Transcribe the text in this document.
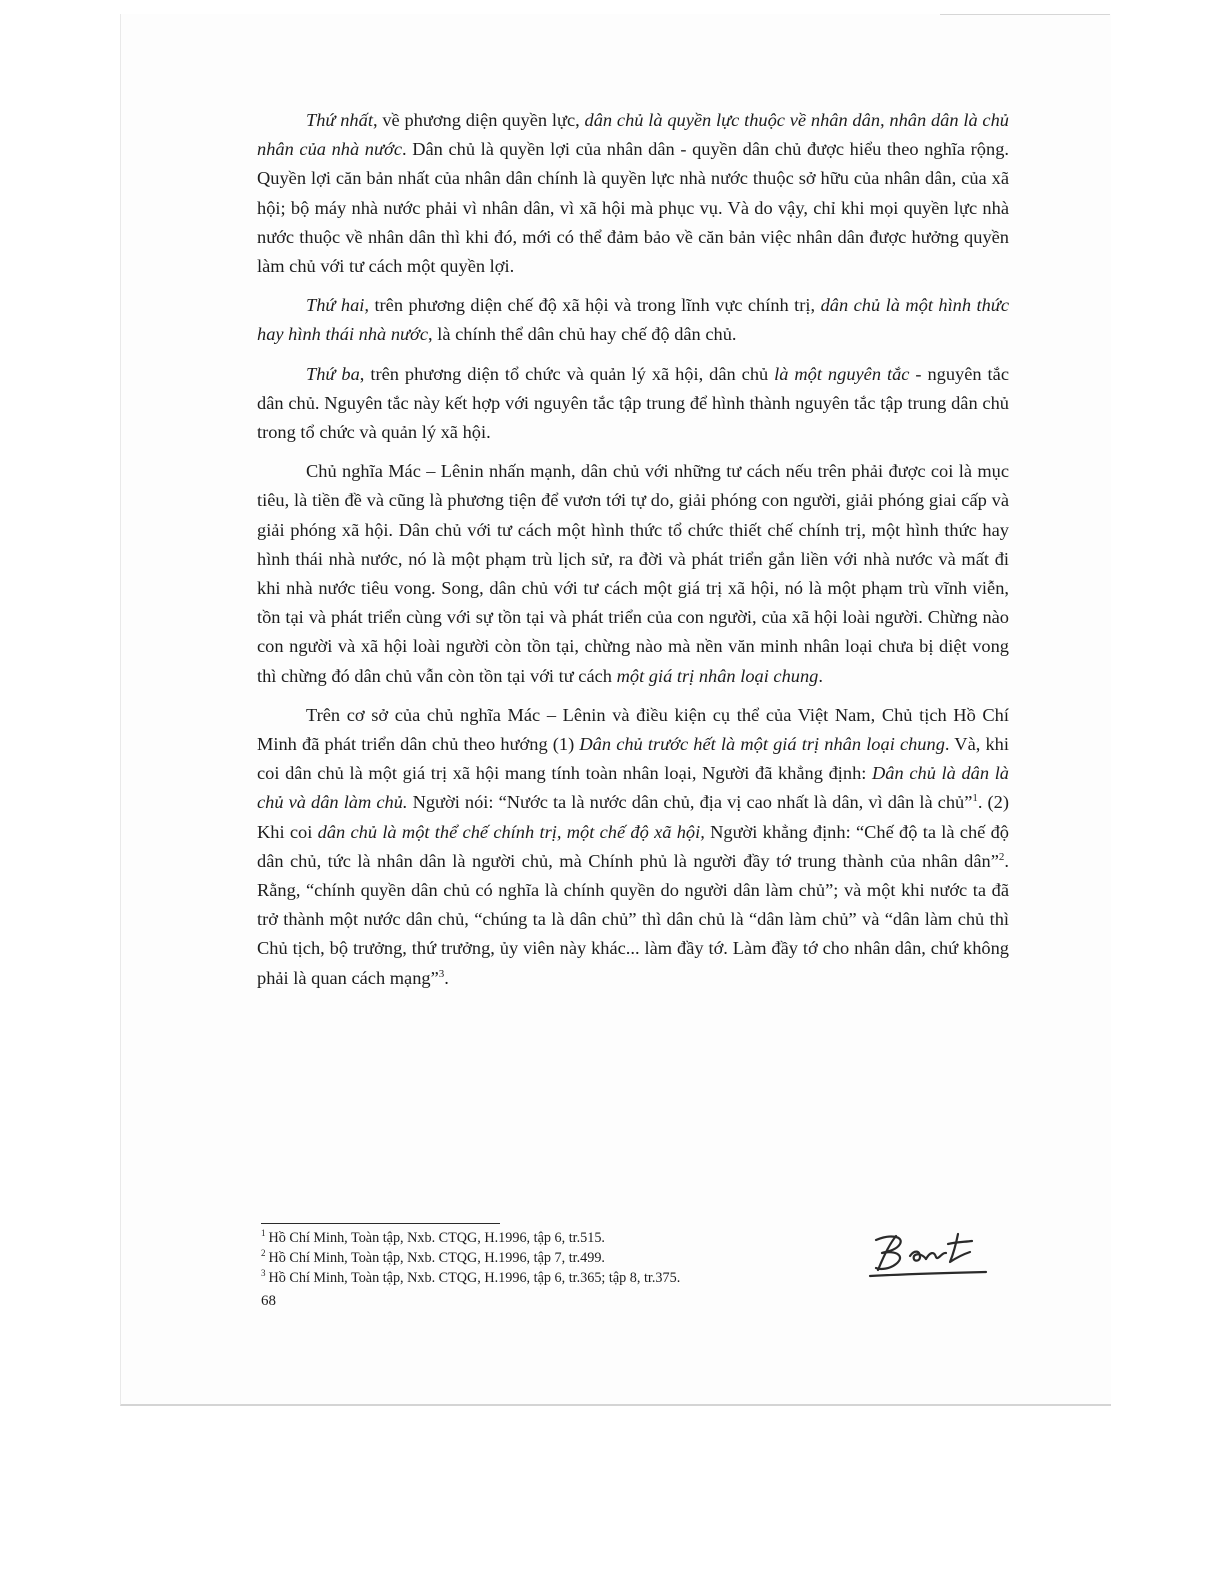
Thứ nhất, về phương diện quyền lực, dân chủ là quyền lực thuộc về nhân dân, nhân dân là chủ nhân của nhà nước. Dân chủ là quyền lợi của nhân dân - quyền dân chủ được hiểu theo nghĩa rộng. Quyền lợi căn bản nhất của nhân dân chính là quyền lực nhà nước thuộc sở hữu của nhân dân, của xã hội; bộ máy nhà nước phải vì nhân dân, vì xã hội mà phục vụ. Và do vậy, chỉ khi mọi quyền lực nhà nước thuộc về nhân dân thì khi đó, mới có thể đảm bảo về căn bản việc nhân dân được hưởng quyền làm chủ với tư cách một quyền lợi.

Thứ hai, trên phương diện chế độ xã hội và trong lĩnh vực chính trị, dân chủ là một hình thức hay hình thái nhà nước, là chính thể dân chủ hay chế độ dân chủ.

Thứ ba, trên phương diện tổ chức và quản lý xã hội, dân chủ là một nguyên tắc - nguyên tắc dân chủ. Nguyên tắc này kết hợp với nguyên tắc tập trung để hình thành nguyên tắc tập trung dân chủ trong tổ chức và quản lý xã hội.

Chủ nghĩa Mác – Lênin nhấn mạnh, dân chủ với những tư cách nếu trên phải được coi là mục tiêu, là tiền đề và cũng là phương tiện để vươn tới tự do, giải phóng con người, giải phóng giai cấp và giải phóng xã hội. Dân chủ với tư cách một hình thức tổ chức thiết chế chính trị, một hình thức hay hình thái nhà nước, nó là một phạm trù lịch sử, ra đời và phát triển gắn liền với nhà nước và mất đi khi nhà nước tiêu vong. Song, dân chủ với tư cách một giá trị xã hội, nó là một phạm trù vĩnh viễn, tồn tại và phát triển cùng với sự tồn tại và phát triển của con người, của xã hội loài người. Chừng nào con người và xã hội loài người còn tồn tại, chừng nào mà nền văn minh nhân loại chưa bị diệt vong thì chừng đó dân chủ vẫn còn tồn tại với tư cách một giá trị nhân loại chung.

Trên cơ sở của chủ nghĩa Mác – Lênin và điều kiện cụ thể của Việt Nam, Chủ tịch Hồ Chí Minh đã phát triển dân chủ theo hướng (1) Dân chủ trước hết là một giá trị nhân loại chung. Và, khi coi dân chủ là một giá trị xã hội mang tính toàn nhân loại, Người đã khẳng định: Dân chủ là dân là chủ và dân làm chủ. Người nói: “Nước ta là nước dân chủ, địa vị cao nhất là dân, vì dân là chủ”$^1$. (2) Khi coi dân chủ là một thể chế chính trị, một chế độ xã hội, Người khẳng định: “Chế độ ta là chế độ dân chủ, tức là nhân dân là người chủ, mà Chính phủ là người đầy tớ trung thành của nhân dân”$^2$. Rằng, “chính quyền dân chủ có nghĩa là chính quyền do người dân làm chủ”; và một khi nước ta đã trở thành một nước dân chủ, “chúng ta là dân chủ” thì dân chủ là “dân làm chủ” và “dân làm chủ thì Chủ tịch, bộ trưởng, thứ trưởng, ủy viên này khác... làm đầy tớ. Làm đầy tớ cho nhân dân, chứ không phải là quan cách mạng”$^3$.

$^1$ Hồ Chí Minh, Toàn tập, Nxb. CTQG, H.1996, tập 6, tr.515.
$^2$ Hồ Chí Minh, Toàn tập, Nxb. CTQG, H.1996, tập 7, tr.499.
$^3$ Hồ Chí Minh, Toàn tập, Nxb. CTQG, H.1996, tập 6, tr.365; tập 8, tr.375.
68
